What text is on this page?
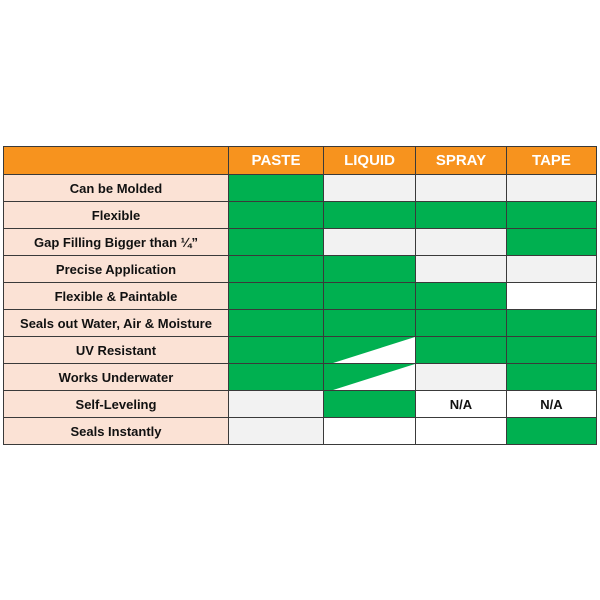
	PASTE	LIQUID	SPRAY	TAPE
Can be Molded				
Flexible				
Gap Filling Bigger than ¼”				
Precise Application				
Flexible & Paintable				
Seals out Water, Air & Moisture				
UV Resistant		

Works Underwater		

Self-Leveling			N/A	N/A
Seals Instantly				
